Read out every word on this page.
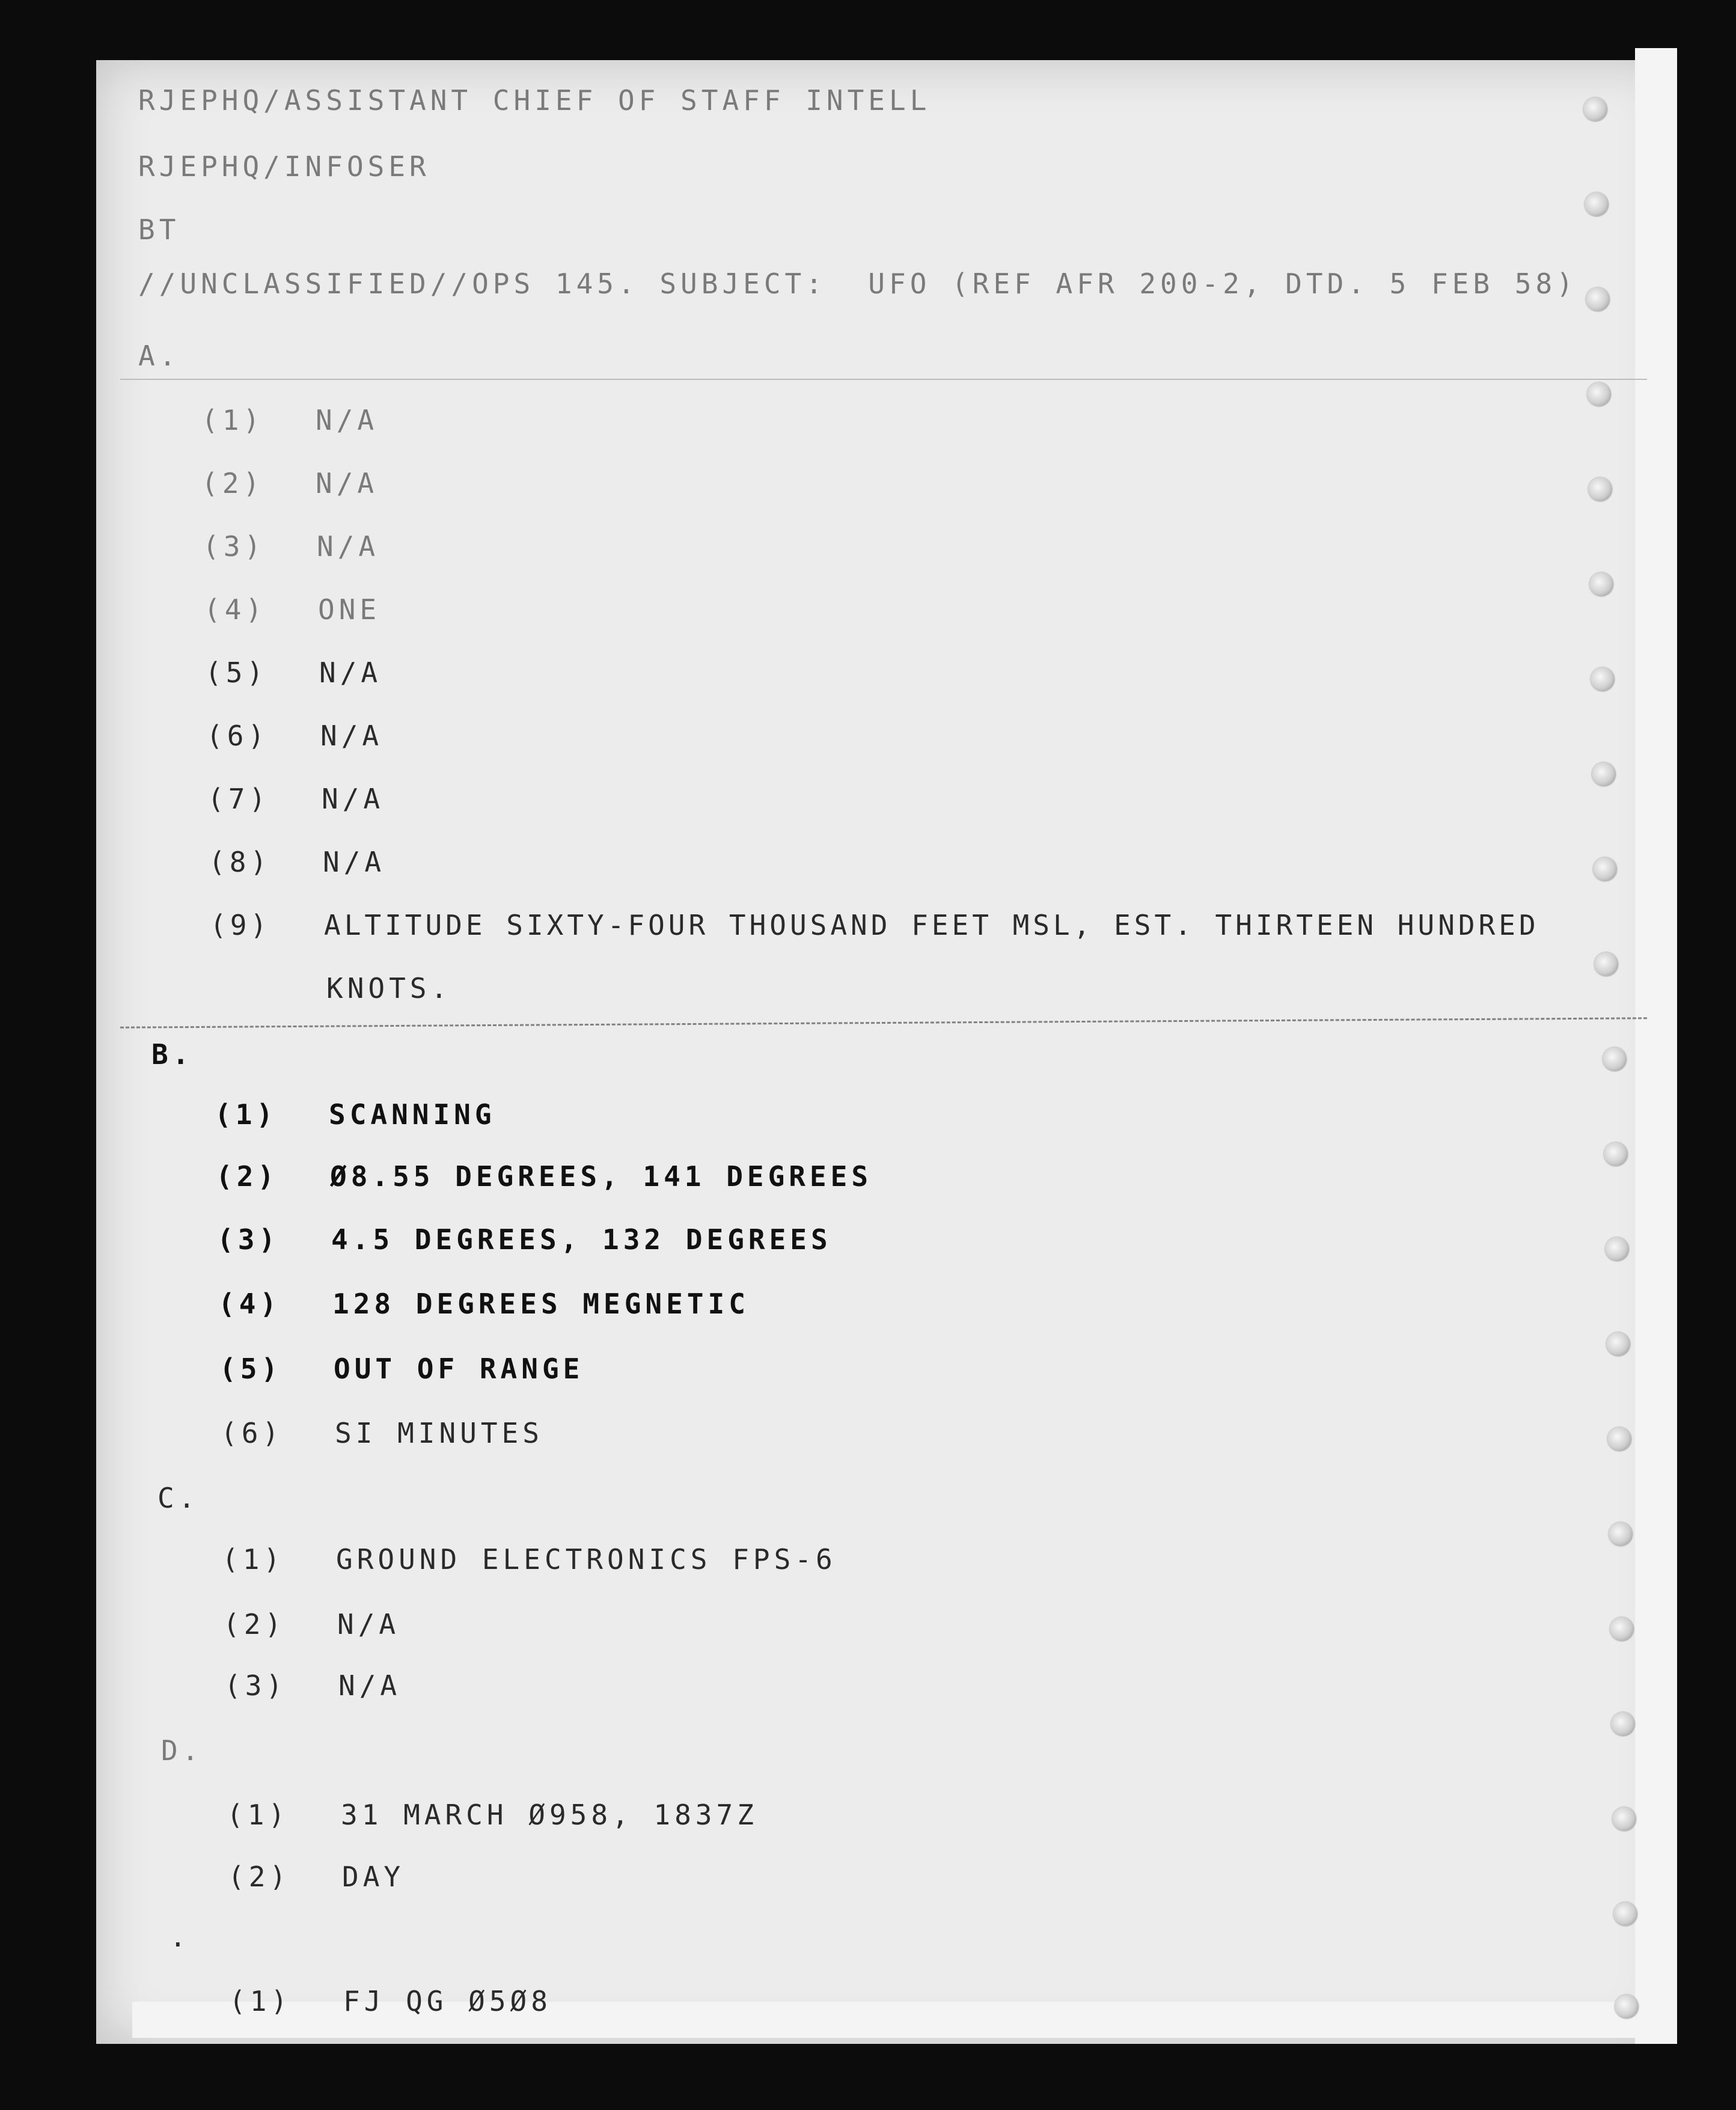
RJEPHQ/ASSISTANT CHIEF OF STAFF INTELL
RJEPHQ/INFOSER
BT
//UNCLASSIFIED//OPS 145. SUBJECT:  UFO (REF AFR 200-2, DTD. 5 FEB 58)
A.
(1) N/A
(2) N/A
(3) N/A
(4) ONE
(5) N/A
(6) N/A
(7) N/A
(8) N/A
(9) ALTITUDE SIXTY-FOUR THOUSAND FEET MSL, EST. THIRTEEN HUNDRED
KNOTS.
B.
(1) SCANNING
(2) Ø8.55 DEGREES, 141 DEGREES
(3) 4.5 DEGREES, 132 DEGREES
(4) 128 DEGREES MEGNETIC
(5) OUT OF RANGE
(6) SI MINUTES
C.
(1) GROUND ELECTRONICS FPS-6
(2) N/A
(3) N/A
D.
(1) 31 MARCH Ø958, 1837Z
(2) DAY
.
(1) FJ QG Ø5Ø8
